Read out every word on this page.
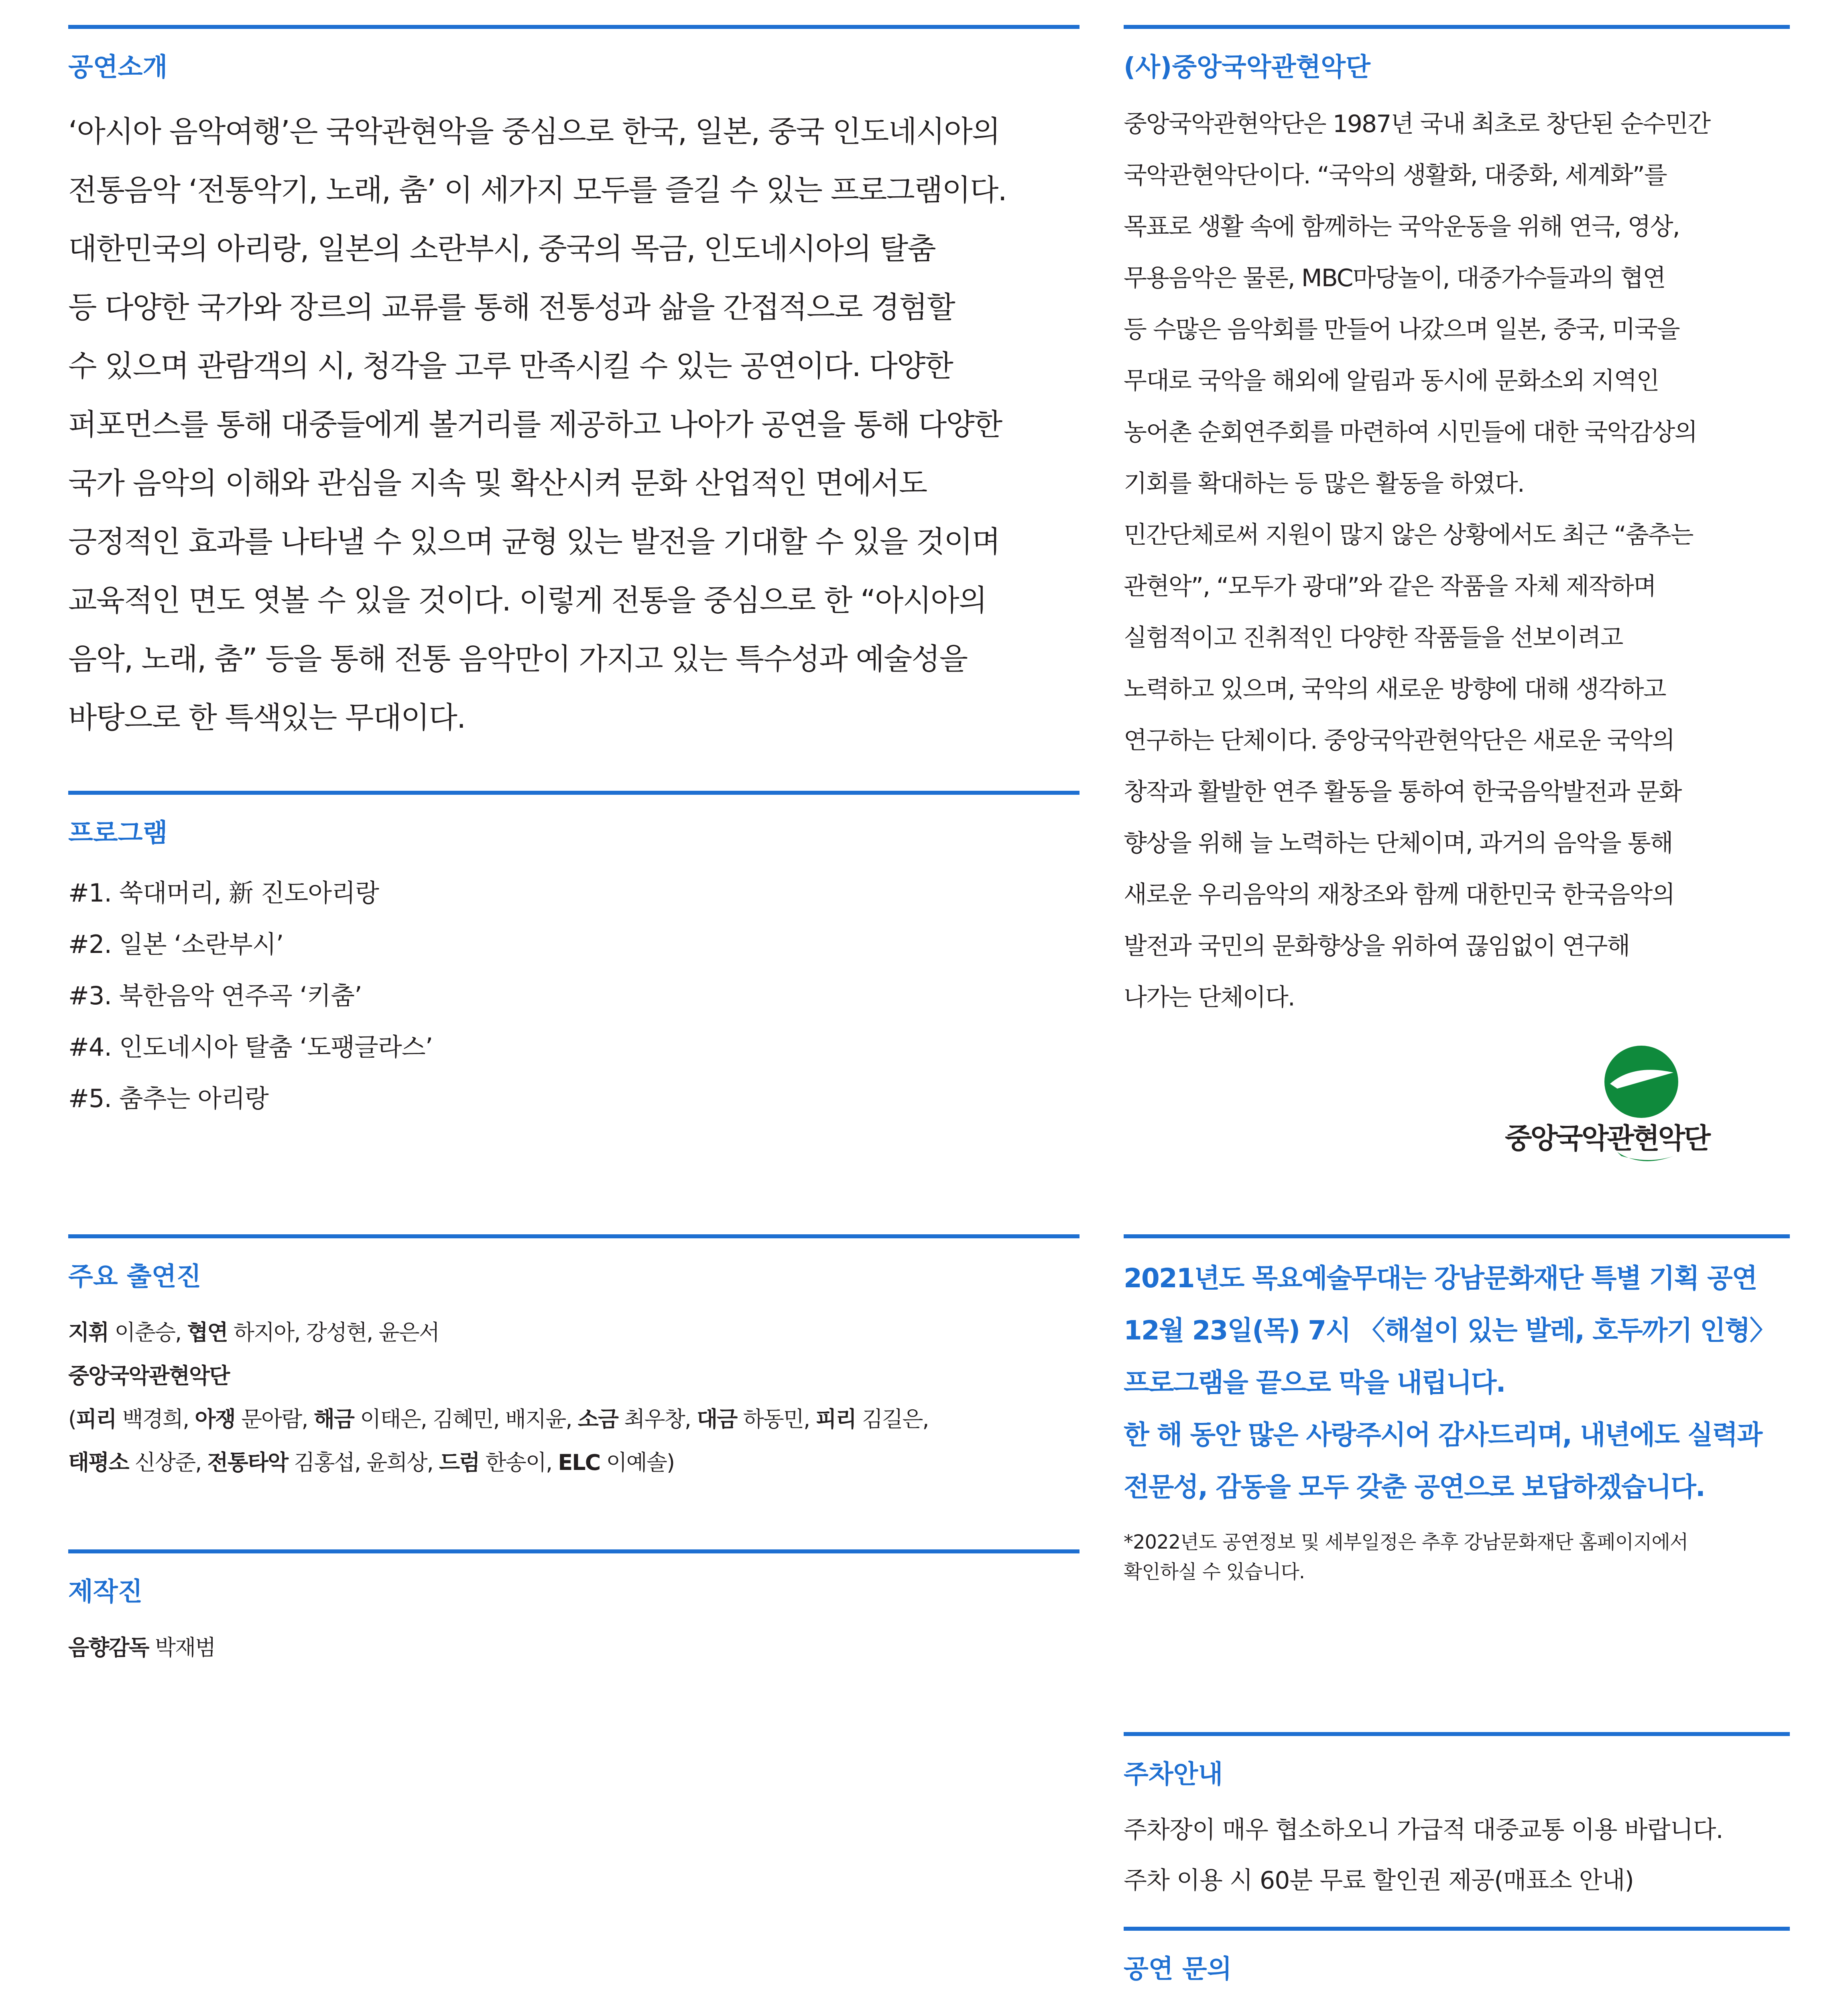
공연소개
‘아시아 음악여행’은 국악관현악을 중심으로 한국, 일본, 중국 인도네시아의
전통음악 ‘전통악기, 노래, 춤’ 이 세가지 모두를 즐길 수 있는 프로그램이다.
대한민국의 아리랑, 일본의 소란부시, 중국의 목금, 인도네시아의 탈춤
등 다양한 국가와 장르의 교류를 통해 전통성과 삶을 간접적으로 경험할
수 있으며 관람객의 시, 청각을 고루 만족시킬 수 있는 공연이다. 다양한
퍼포먼스를 통해 대중들에게 볼거리를 제공하고 나아가 공연을 통해 다양한
국가 음악의 이해와 관심을 지속 및 확산시켜 문화 산업적인 면에서도
긍정적인 효과를 나타낼 수 있으며 균형 있는 발전을 기대할 수 있을 것이며
교육적인 면도 엿볼 수 있을 것이다. 이렇게 전통을 중심으로 한 “아시아의
음악, 노래, 춤” 등을 통해 전통 음악만이 가지고 있는 특수성과 예술성을
바탕으로 한 특색있는 무대이다.
프로그램
#1. 쑥대머리, 新 진도아리랑
#2. 일본 ‘소란부시’
#3. 북한음악 연주곡 ‘키춤’
#4. 인도네시아 탈춤 ‘도팽글라스’
#5. 춤추는 아리랑
(사)중앙국악관현악단
중앙국악관현악단은 1987년 국내 최초로 창단된 순수민간
국악관현악단이다. “국악의 생활화, 대중화, 세계화”를
목표로 생활 속에 함께하는 국악운동을 위해 연극, 영상,
무용음악은 물론, MBC마당놀이, 대중가수들과의 협연
등 수많은 음악회를 만들어 나갔으며 일본, 중국, 미국을
무대로 국악을 해외에 알림과 동시에 문화소외 지역인
농어촌 순회연주회를 마련하여 시민들에 대한 국악감상의
기회를 확대하는 등 많은 활동을 하였다.
민간단체로써 지원이 많지 않은 상황에서도 최근 “춤추는
관현악”, “모두가 광대”와 같은 작품을 자체 제작하며
실험적이고 진취적인 다양한 작품들을 선보이려고
노력하고 있으며, 국악의 새로운 방향에 대해 생각하고
연구하는 단체이다. 중앙국악관현악단은 새로운 국악의
창작과 활발한 연주 활동을 통하여 한국음악발전과 문화
향상을 위해 늘 노력하는 단체이며, 과거의 음악을 통해
새로운 우리음악의 재창조와 함께 대한민국 한국음악의
발전과 국민의 문화향상을 위하여 끊임없이 연구해
나가는 단체이다.
중앙국악관현악단
주요 출연진
지휘 이춘승, 협연 하지아, 강성현, 윤은서
중앙국악관현악단
(피리 백경희, 아쟁 문아람, 해금 이태은, 김혜민, 배지윤, 소금 최우창, 대금 하동민, 피리 김길은,
태평소 신상준, 전통타악 김홍섭, 윤희상, 드럼 한송이, ELC 이예솔)
제작진
음향감독 박재범
2021년도 목요예술무대는 강남문화재단 특별 기획 공연
12월 23일(목) 7시 〈해설이 있는 발레, 호두까기 인형〉
프로그램을 끝으로 막을 내립니다.
한 해 동안 많은 사랑주시어 감사드리며, 내년에도 실력과
전문성, 감동을 모두 갖춘 공연으로 보답하겠습니다.
*2022년도 공연정보 및 세부일정은 추후 강남문화재단 홈페이지에서
확인하실 수 있습니다.
주차안내
주차장이 매우 협소하오니 가급적 대중교통 이용 바랍니다.
주차 이용 시 60분 무료 할인권 제공(매표소 안내)
공연 문의
